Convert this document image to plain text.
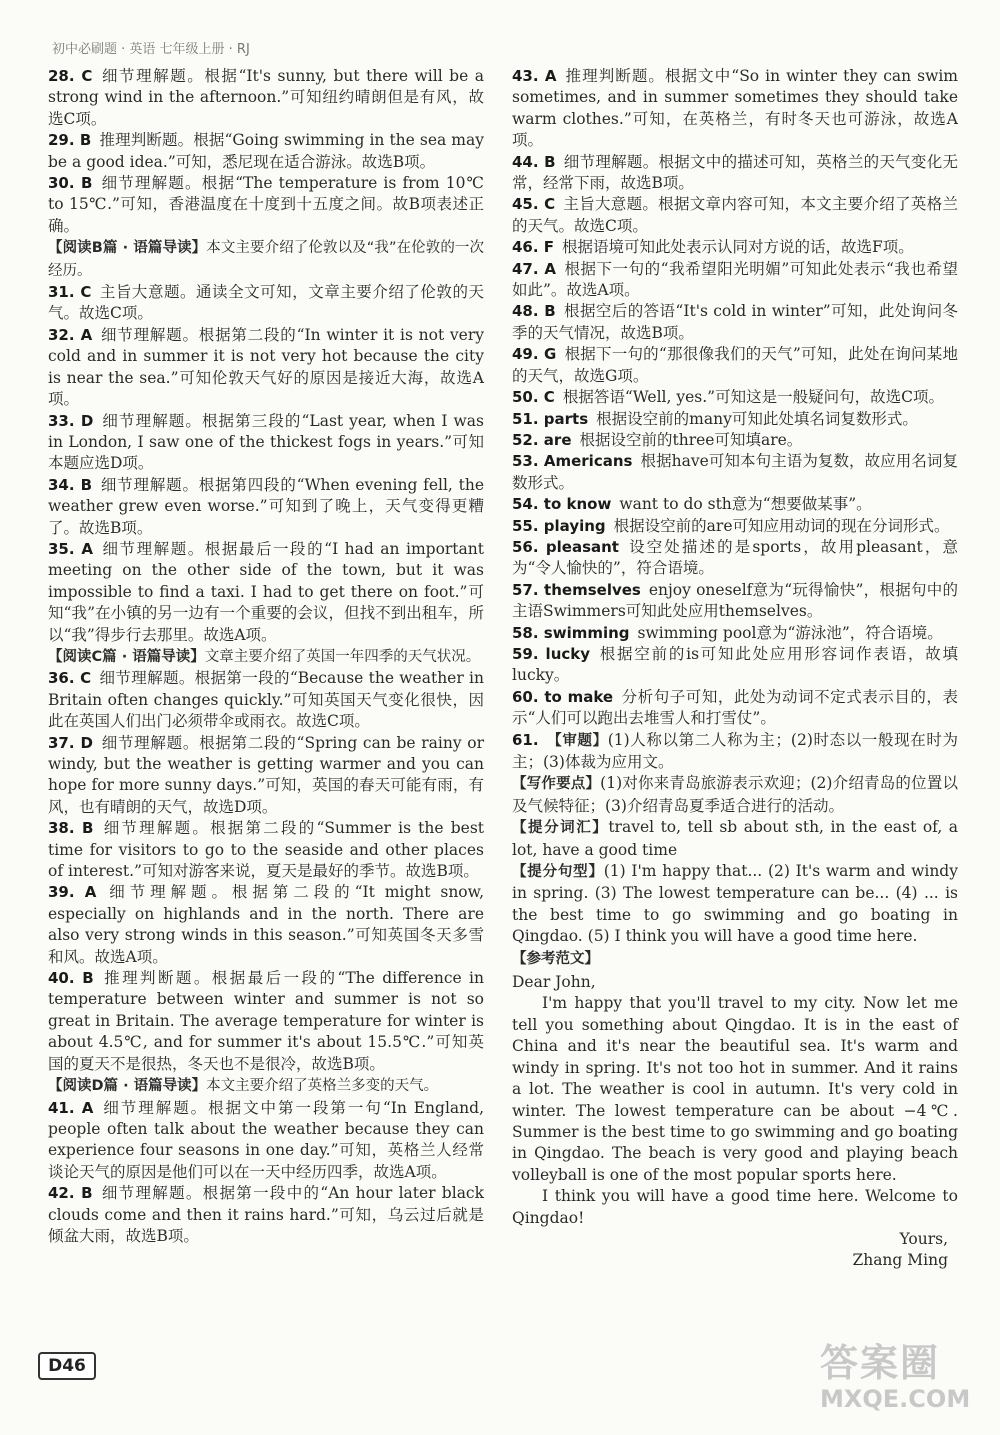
初中必刷题 · 英语 七年级上册 · RJ
28. C 细节理解题。根据“It's sunny, but there will be a strong wind in the afternoon.”可知纽约晴朗但是有风，故选C项。
29. B 推理判断题。根据“Going swimming in the sea may be a good idea.”可知，悉尼现在适合游泳。故选B项。
30. B 细节理解题。根据“The temperature is from 10℃ to 15℃.”可知，香港温度在十度到十五度之间。故B项表述正确。
【阅读B篇 · 语篇导读】本文主要介绍了伦敦以及“我”在伦敦的一次经历。
31. C 主旨大意题。通读全文可知，文章主要介绍了伦敦的天气。故选C项。
32. A 细节理解题。根据第二段的“In winter it is not very cold and in summer it is not very hot because the city is near the sea.”可知伦敦天气好的原因是接近大海，故选A项。
33. D 细节理解题。根据第三段的“Last year, when I was in London, I saw one of the thickest fogs in years.”可知本题应选D项。
34. B 细节理解题。根据第四段的“When evening fell, the weather grew even worse.”可知到了晚上，天气变得更糟了。故选B项。
35. A 细节理解题。根据最后一段的“I had an important meeting on the other side of the town, but it was impossible to find a taxi. I had to get there on foot.”可知“我”在小镇的另一边有一个重要的会议，但找不到出租车，所以“我”得步行去那里。故选A项。
【阅读C篇 · 语篇导读】文章主要介绍了英国一年四季的天气状况。
36. C 细节理解题。根据第一段的“Because the weather in Britain often changes quickly.”可知英国天气变化很快，因此在英国人们出门必须带伞或雨衣。故选C项。
37. D 细节理解题。根据第二段的“Spring can be rainy or windy, but the weather is getting warmer and you can hope for more sunny days.”可知，英国的春天可能有雨，有风，也有晴朗的天气，故选D项。
38. B 细节理解题。根据第二段的“Summer is the best time for visitors to go to the seaside and other places of interest.”可知对游客来说，夏天是最好的季节。故选B项。
39. A 细节理解题。根据第二段的“It might snow, especially on highlands and in the north. There are also very strong winds in this season.”可知英国冬天多雪和风。故选A项。
40. B 推理判断题。根据最后一段的“The difference in temperature between winter and summer is not so great in Britain. The average temperature for winter is about 4.5℃, and for summer it's about 15.5℃.”可知英国的夏天不是很热，冬天也不是很冷，故选B项。
【阅读D篇 · 语篇导读】本文主要介绍了英格兰多变的天气。
41. A 细节理解题。根据文中第一段第一句“In England, people often talk about the weather because they can experience four seasons in one day.”可知，英格兰人经常谈论天气的原因是他们可以在一天中经历四季，故选A项。
42. B 细节理解题。根据第一段中的“An hour later black clouds come and then it rains hard.”可知，乌云过后就是倾盆大雨，故选B项。
43. A 推理判断题。根据文中“So in winter they can swim sometimes, and in summer sometimes they should take warm clothes.”可知，在英格兰，有时冬天也可游泳，故选A项。
44. B 细节理解题。根据文中的描述可知，英格兰的天气变化无常，经常下雨，故选B项。
45. C 主旨大意题。根据文章内容可知，本文主要介绍了英格兰的天气。故选C项。
46. F 根据语境可知此处表示认同对方说的话，故选F项。
47. A 根据下一句的“我希望阳光明媚”可知此处表示“我也希望如此”。故选A项。
48. B 根据空后的答语“It's cold in winter”可知，此处询问冬季的天气情况，故选B项。
49. G 根据下一句的“那很像我们的天气”可知，此处在询问某地的天气，故选G项。
50. C 根据答语“Well, yes.”可知这是一般疑问句，故选C项。
51. parts 根据设空前的many可知此处填名词复数形式。
52. are 根据设空前的three可知填are。
53. Americans 根据have可知本句主语为复数，故应用名词复数形式。
54. to know want to do sth意为“想要做某事”。
55. playing 根据设空前的are可知应用动词的现在分词形式。
56. pleasant 设空处描述的是sports，故用pleasant，意为“令人愉快的”，符合语境。
57. themselves enjoy oneself意为“玩得愉快”，根据句中的主语Swimmers可知此处应用themselves。
58. swimming swimming pool意为“游泳池”，符合语境。
59. lucky 根据空前的is可知此处应用形容词作表语，故填lucky。
60. to make 分析句子可知，此处为动词不定式表示目的，表示“人们可以跑出去堆雪人和打雪仗”。
61. 【审题】(1)人称以第二人称为主；(2)时态以一般现在时为主；(3)体裁为应用文。
【写作要点】(1)对你来青岛旅游表示欢迎；(2)介绍青岛的位置以及气候特征；(3)介绍青岛夏季适合进行的活动。
【提分词汇】travel to, tell sb about sth, in the east of, a lot, have a good time
【提分句型】(1) I'm happy that... (2) It's warm and windy in spring. (3) The lowest temperature can be... (4) ... is the best time to go swimming and go boating in Qingdao. (5) I think you will have a good time here.
【参考范文】
Dear John,
I'm happy that you'll travel to my city. Now let me tell you something about Qingdao. It is in the east of China and it's near the beautiful sea. It's warm and windy in spring. It's not too hot in summer. And it rains a lot. The weather is cool in autumn. It's very cold in winter. The lowest temperature can be about −4℃. Summer is the best time to go swimming and go boating in Qingdao. The beach is very good and playing beach volleyball is one of the most popular sports here.
I think you will have a good time here. Welcome to Qingdao!
Yours,
Zhang Ming
D46	答案圈
MXQE.COM
